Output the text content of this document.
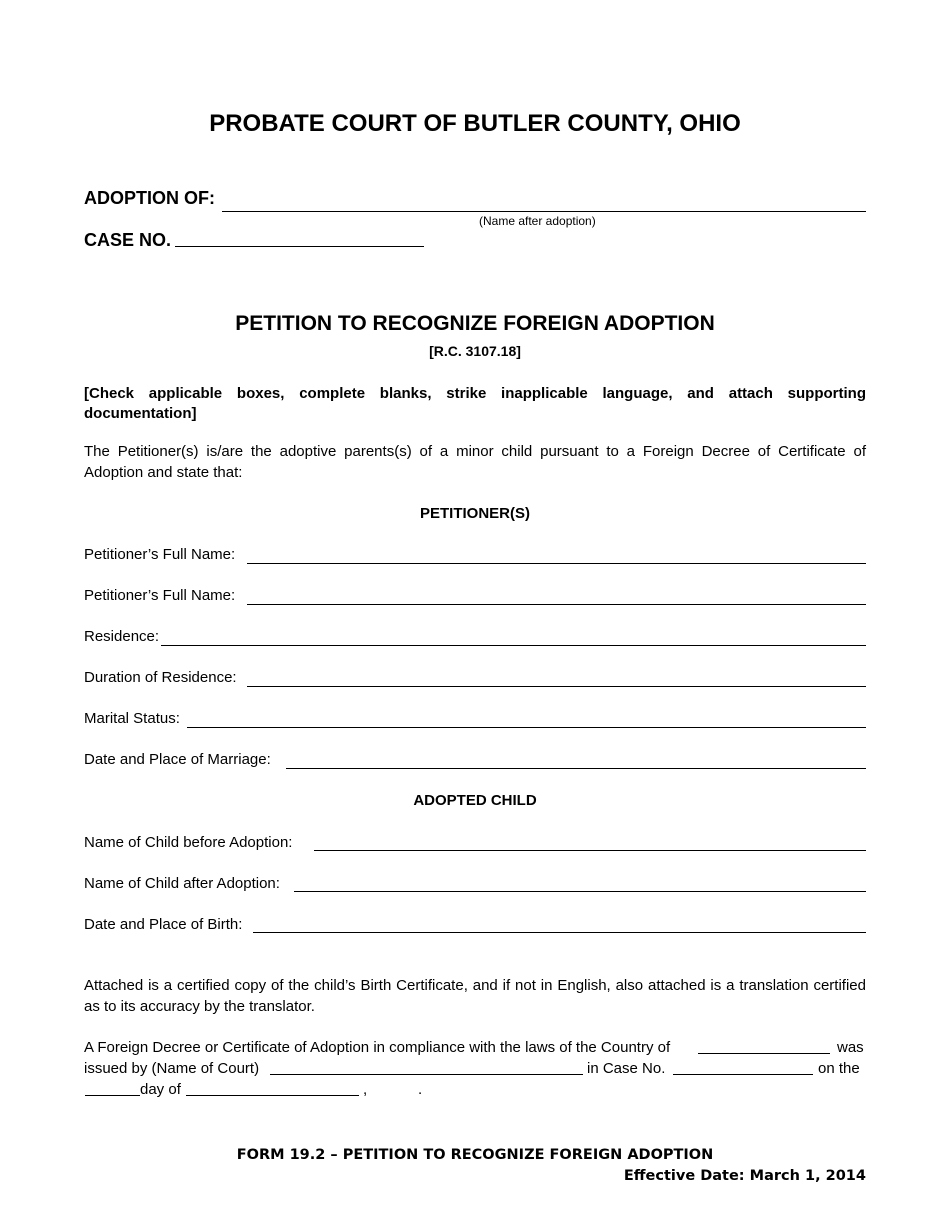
PROBATE COURT OF BUTLER COUNTY, OHIO
ADOPTION OF:
(Name after adoption)
CASE NO.
PETITION TO RECOGNIZE FOREIGN ADOPTION
[R.C. 3107.18]
[Check applicable boxes, complete blanks, strike inapplicable language, and attach supporting documentation]
The Petitioner(s) is/are the adoptive parents(s) of a minor child pursuant to a Foreign Decree of Certificate of Adoption and state that:
PETITIONER(S)
Petitioner’s Full Name:
Petitioner’s Full Name:
Residence:
Duration of Residence:
Marital Status:
Date and Place of Marriage:
ADOPTED CHILD
Name of Child before Adoption:
Name of Child after Adoption:
Date and Place of Birth:
Attached is a certified copy of the child’s Birth Certificate, and if not in English, also attached is a translation certified as to its accuracy by the translator.
A Foreign Decree or Certificate of Adoption in compliance with the laws of the Country of	was
issued by (Name of Court)	in Case No.	on the
day of	,	.
FORM 19.2 – PETITION TO RECOGNIZE FOREIGN ADOPTION
Effective Date: March 1, 2014
